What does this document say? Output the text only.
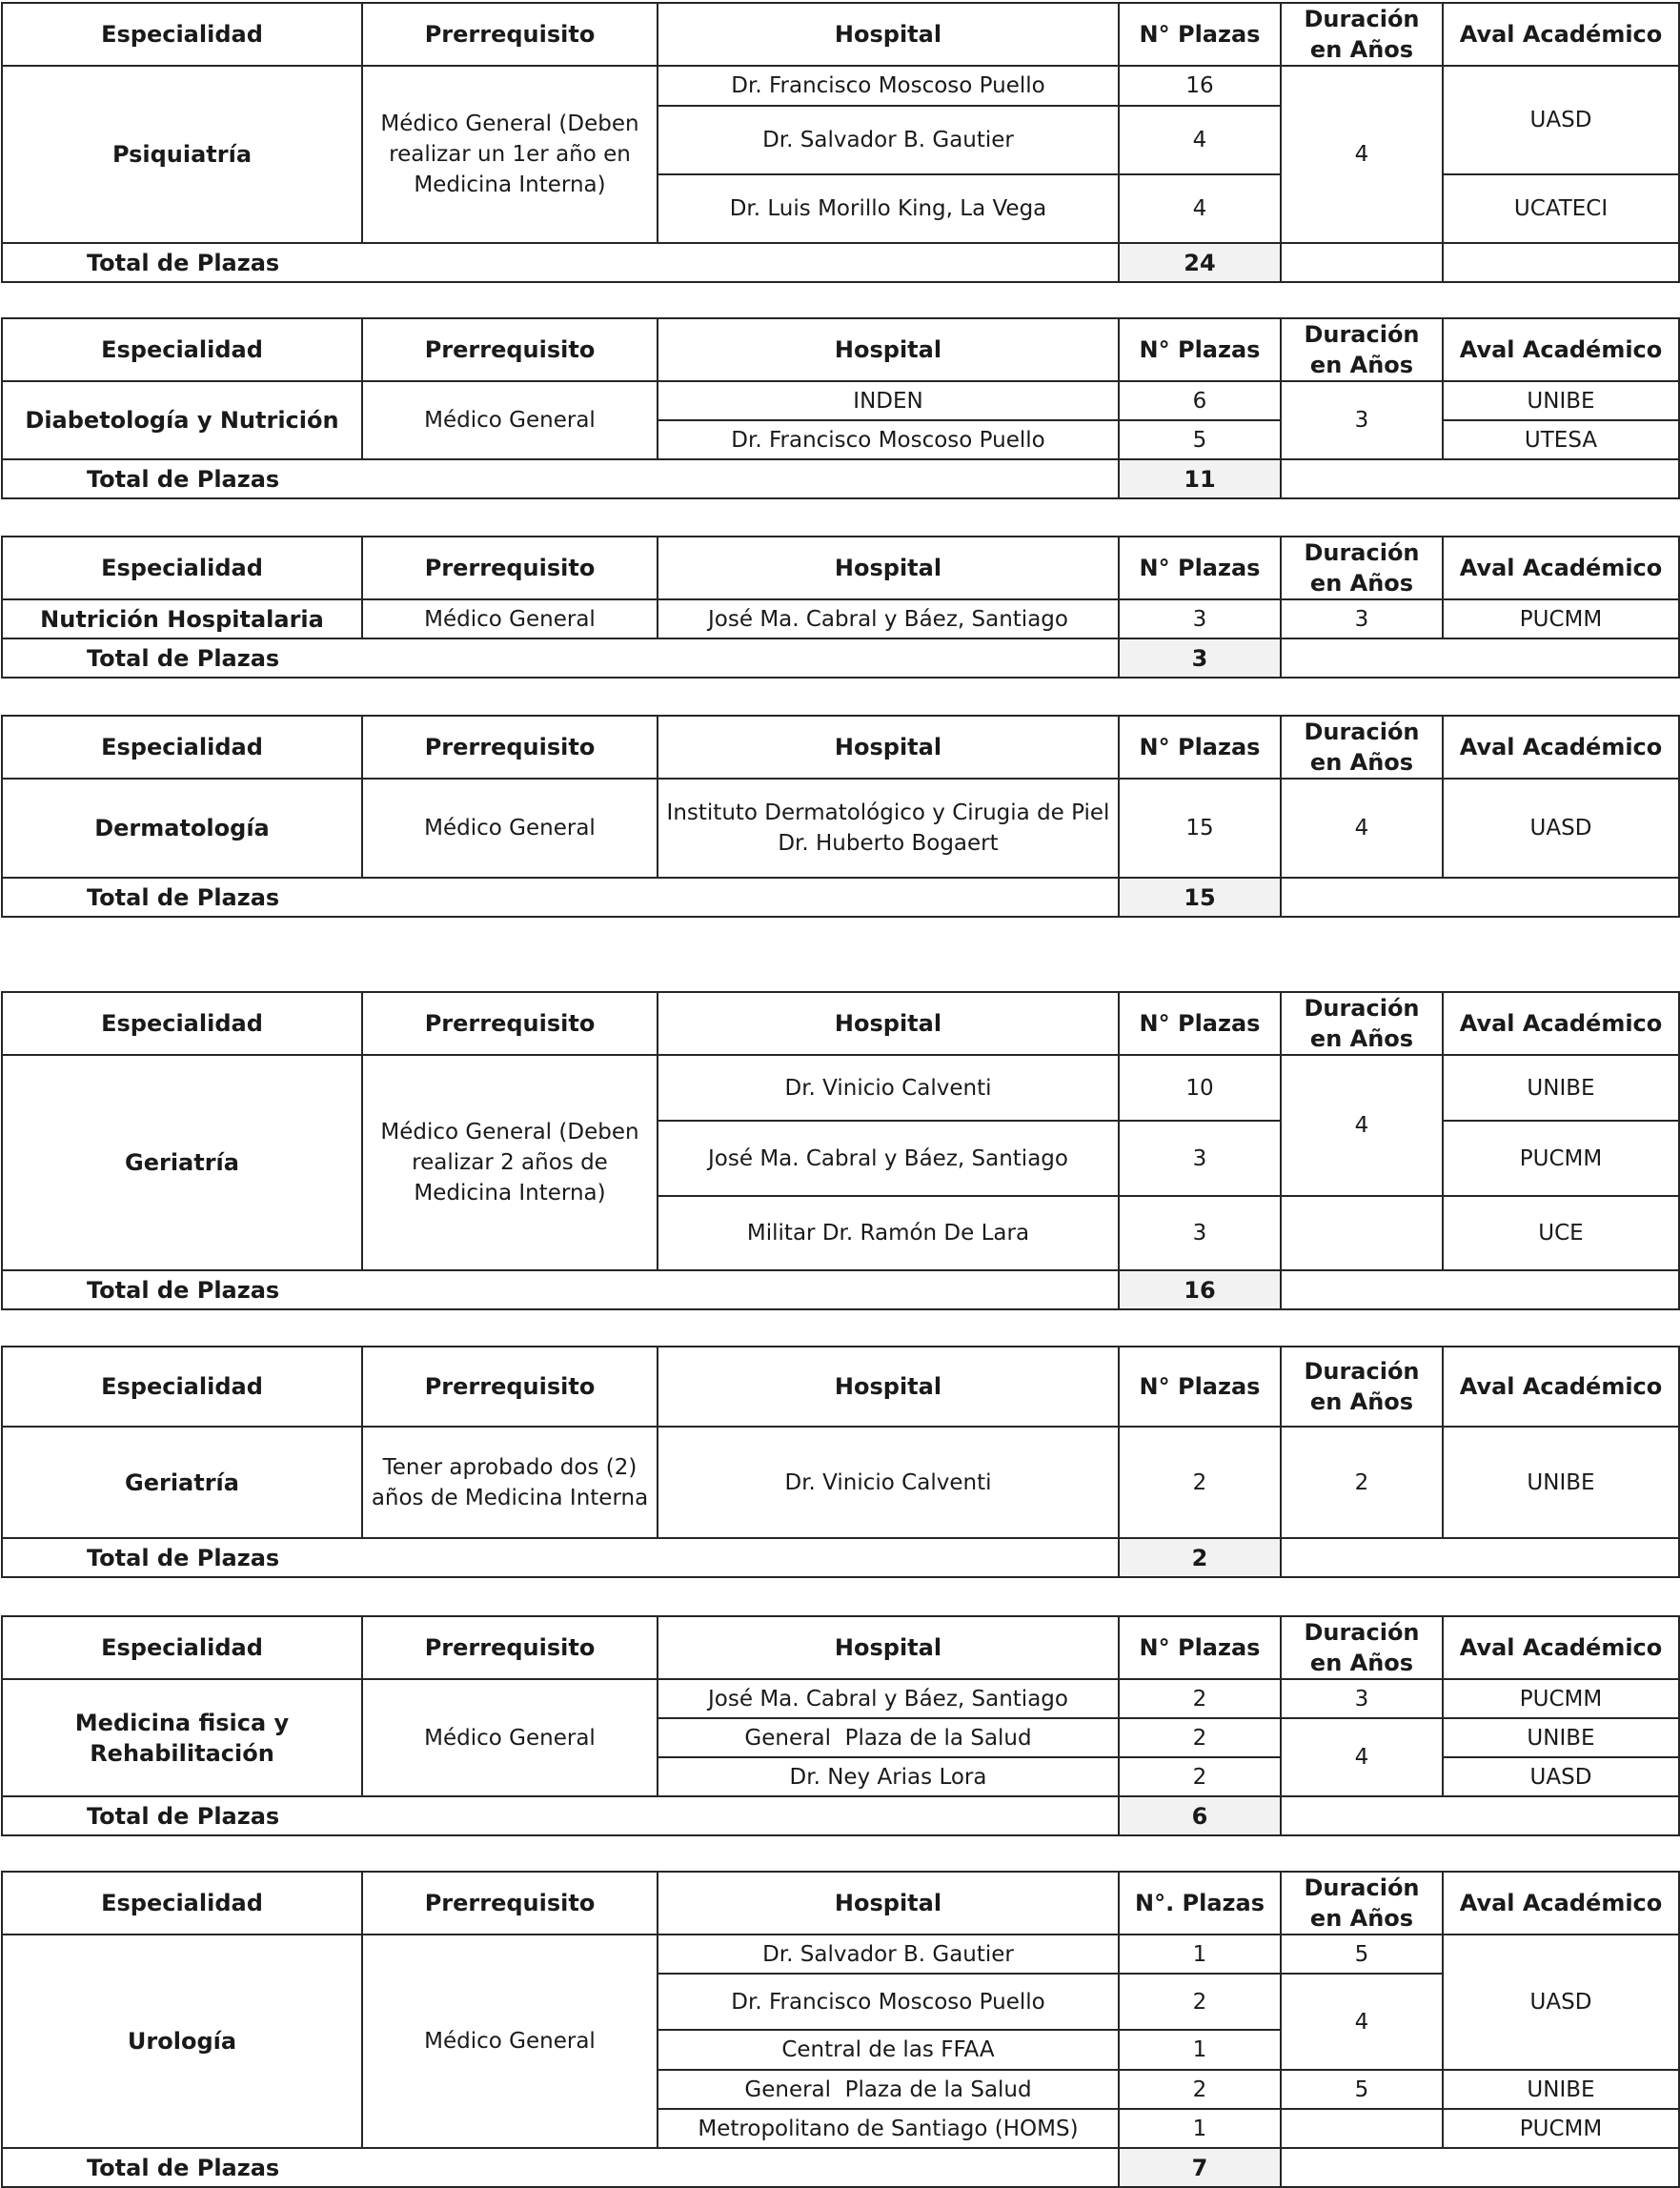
Especialidad	Prerrequisito	Hospital	N° Plazas	Duración en Años	Aval Académico
Psiquiatría	Médico General (Deben realizar un 1er año en Medicina Interna)	Dr. Francisco Moscoso Puello	16	4	UASD
		Dr. Salvador B. Gautier	4		
		Dr. Luis Morillo King, La Vega	4		UCATECI
Total de Plazas			24		
Especialidad	Prerrequisito	Hospital	N° Plazas	Duración en Años	Aval Académico
Diabetología y Nutrición	Médico General	INDEN	6	3	UNIBE
		Dr. Francisco Moscoso Puello	5		UTESA
Total de Plazas			11		
Especialidad	Prerrequisito	Hospital	N° Plazas	Duración en Años	Aval Académico
Nutrición Hospitalaria	Médico General	José Ma. Cabral y Báez, Santiago	3	3	PUCMM
Total de Plazas			3		
Especialidad	Prerrequisito	Hospital	N° Plazas	Duración en Años	Aval Académico
Dermatología	Médico General	Instituto Dermatológico y Cirugia de Piel Dr. Huberto Bogaert	15	4	UASD
Total de Plazas			15		
Especialidad	Prerrequisito	Hospital	N° Plazas	Duración en Años	Aval Académico
Geriatría	Médico General (Deben realizar 2 años de Medicina Interna)	Dr. Vinicio Calventi	10	4	UNIBE
		José Ma. Cabral y Báez, Santiago	3		PUCMM
		Militar Dr. Ramón De Lara	3		UCE
Total de Plazas			16		
Especialidad	Prerrequisito	Hospital	N° Plazas	Duración en Años	Aval Académico
Geriatría	Tener aprobado dos (2) años de Medicina Interna	Dr. Vinicio Calventi	2	2	UNIBE
Total de Plazas			2		
Especialidad	Prerrequisito	Hospital	N° Plazas	Duración en Años	Aval Académico
Medicina fisica y Rehabilitación	Médico General	José Ma. Cabral y Báez, Santiago	2	3	PUCMM
		General  Plaza de la Salud	2	4	UNIBE
		Dr. Ney Arias Lora	2		UASD
Total de Plazas			6		
Especialidad	Prerrequisito	Hospital	N°. Plazas	Duración en Años	Aval Académico
Urología	Médico General	Dr. Salvador B. Gautier	1	5	UASD
		Dr. Francisco Moscoso Puello	2	4	
		Central de las FFAA	1		
		General  Plaza de la Salud	2	5	UNIBE
		Metropolitano de Santiago (HOMS)	1		PUCMM
Total de Plazas			7		
